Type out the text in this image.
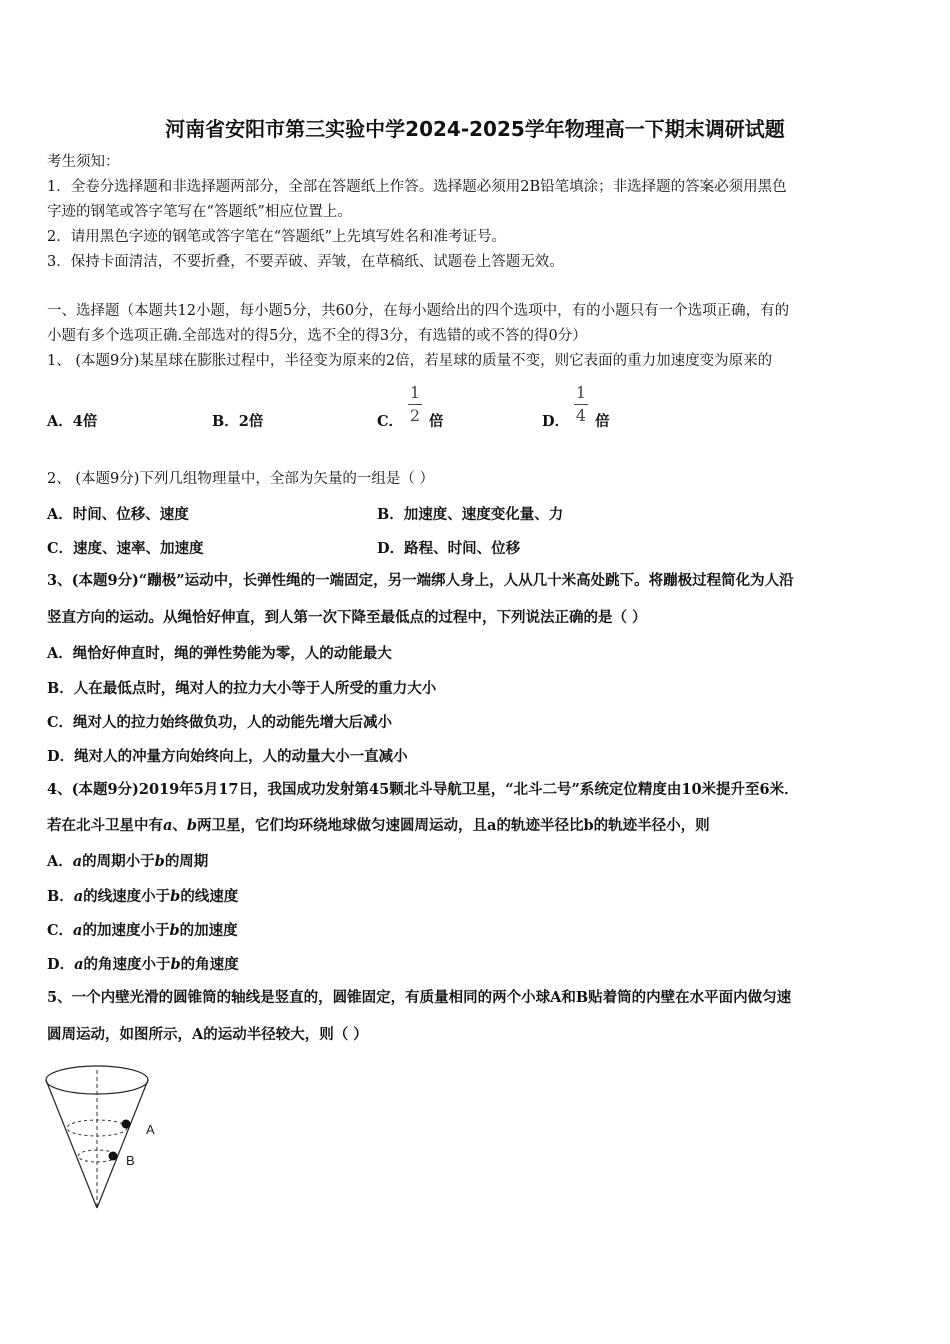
河南省安阳市第三实验中学2024-2025学年物理高一下期末调研试题
考生须知：
1．全卷分选择题和非选择题两部分，全部在答题纸上作答。选择题必须用2B铅笔填涂；非选择题的答案必须用黑色
字迹的钢笔或答字笔写在“答题纸”相应位置上。
2．请用黑色字迹的钢笔或答字笔在“答题纸”上先填写姓名和准考证号。
3．保持卡面清洁，不要折叠，不要弄破、弄皱，在草稿纸、试题卷上答题无效。
一、选择题（本题共12小题，每小题5分，共60分，在每小题给出的四个选项中，有的小题只有一个选项正确，有的
小题有多个选项正确.全部选对的得5分，选不全的得3分，有选错的或不答的得0分）
1、 (本题9分)某星球在膨胀过程中，半径变为原来的2倍，若星球的质量不变，则它表面的重力加速度变为原来的
A．4倍	B．2倍	C． 倍
1
2	D． 倍
1
4
2、 (本题9分)下列几组物理量中，全部为矢量的一组是（ ）
A．时间、位移、速度	B．加速度、速度变化量、力
C．速度、速率、加速度	D．路程、时间、位移
3、(本题9分)“蹦极”运动中，长弹性绳的一端固定，另一端绑人身上，人从几十米高处跳下。将蹦极过程简化为人沿
竖直方向的运动。从绳恰好伸直，到人第一次下降至最低点的过程中，下列说法正确的是（ ）
A．绳恰好伸直时，绳的弹性势能为零，人的动能最大
B．人在最低点时，绳对人的拉力大小等于人所受的重力大小
C．绳对人的拉力始终做负功，人的动能先增大后减小
D．绳对人的冲量方向始终向上，人的动量大小一直减小
4、(本题9分)2019年5月17日，我国成功发射第45颗北斗导航卫星，“北斗二号”系统定位精度由10米提升至6米．
若在北斗卫星中有a、b两卫星，它们均环绕地球做匀速圆周运动，且a的轨迹半径比b的轨迹半径小，则
A．a的周期小于b的周期
B．a的线速度小于b的线速度
C．a的加速度小于b的加速度
D．a的角速度小于b的角速度
5、一个内壁光滑的圆锥筒的轴线是竖直的，圆锥固定，有质量相同的两个小球A和B贴着筒的内壁在水平面内做匀速
圆周运动，如图所示，A的运动半径较大，则（ ）
A
B
